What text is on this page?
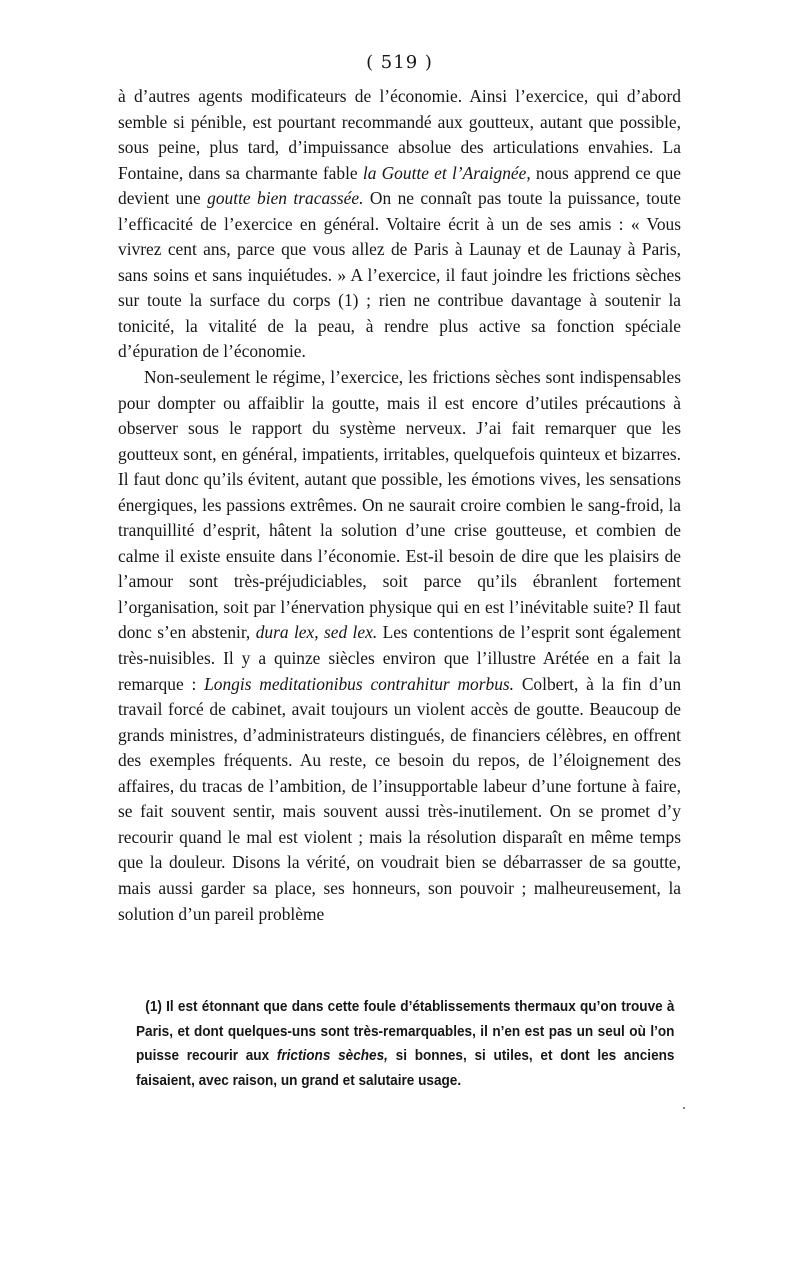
( 519 )

à d’autres agents modificateurs de l’économie. Ainsi l’exercice, qui d’abord semble si pénible, est pourtant recommandé aux goutteux, autant que possible, sous peine, plus tard, d’impuissance absolue des articulations envahies. La Fontaine, dans sa charmante fable la Goutte et l’Araignée, nous apprend ce que devient une goutte bien tracassée. On ne connaît pas toute la puissance, toute l’efficacité de l’exercice en général. Voltaire écrit à un de ses amis : « Vous vivrez cent ans, parce que vous allez de Paris à Launay et de Launay à Paris, sans soins et sans inquiétudes. » A l’exercice, il faut joindre les frictions sèches sur toute la surface du corps (1) ; rien ne contribue davantage à soutenir la tonicité, la vitalité de la peau, à rendre plus active sa fonction spéciale d’épuration de l’économie.

Non-seulement le régime, l’exercice, les frictions sèches sont indispensables pour dompter ou affaiblir la goutte, mais il est encore d’utiles précautions à observer sous le rapport du système nerveux. J’ai fait remarquer que les goutteux sont, en général, impatients, irritables, quelquefois quinteux et bizarres. Il faut donc qu’ils évitent, autant que possible, les émotions vives, les sensations énergiques, les passions extrêmes. On ne saurait croire combien le sang-froid, la tranquillité d’esprit, hâtent la solution d’une crise goutteuse, et combien de calme il existe ensuite dans l’économie. Est-il besoin de dire que les plaisirs de l’amour sont très-préjudiciables, soit parce qu’ils ébranlent fortement l’organisation, soit par l’énervation physique qui en est l’inévitable suite? Il faut donc s’en abstenir, dura lex, sed lex. Les contentions de l’esprit sont également très-nuisibles. Il y a quinze siècles environ que l’illustre Arétée en a fait la remarque : Longis meditationibus contrahitur morbus. Colbert, à la fin d’un travail forcé de cabinet, avait toujours un violent accès de goutte. Beaucoup de grands ministres, d’administrateurs distingués, de financiers célèbres, en offrent des exemples fréquents. Au reste, ce besoin du repos, de l’éloignement des affaires, du tracas de l’ambition, de l’insupportable labeur d’une fortune à faire, se fait souvent sentir, mais souvent aussi très-inutilement. On se promet d’y recourir quand le mal est violent ; mais la résolution disparaît en même temps que la douleur. Disons la vérité, on voudrait bien se débarrasser de sa goutte, mais aussi garder sa place, ses honneurs, son pouvoir ; malheureusement, la solution d’un pareil problème

(1) Il est étonnant que dans cette foule d’établissements thermaux qu’on trouve à Paris, et dont quelques-uns sont très-remarquables, il n’en est pas un seul où l’on puisse recourir aux frictions sèches, si bonnes, si utiles, et dont les anciens faisaient, avec raison, un grand et salutaire usage.
